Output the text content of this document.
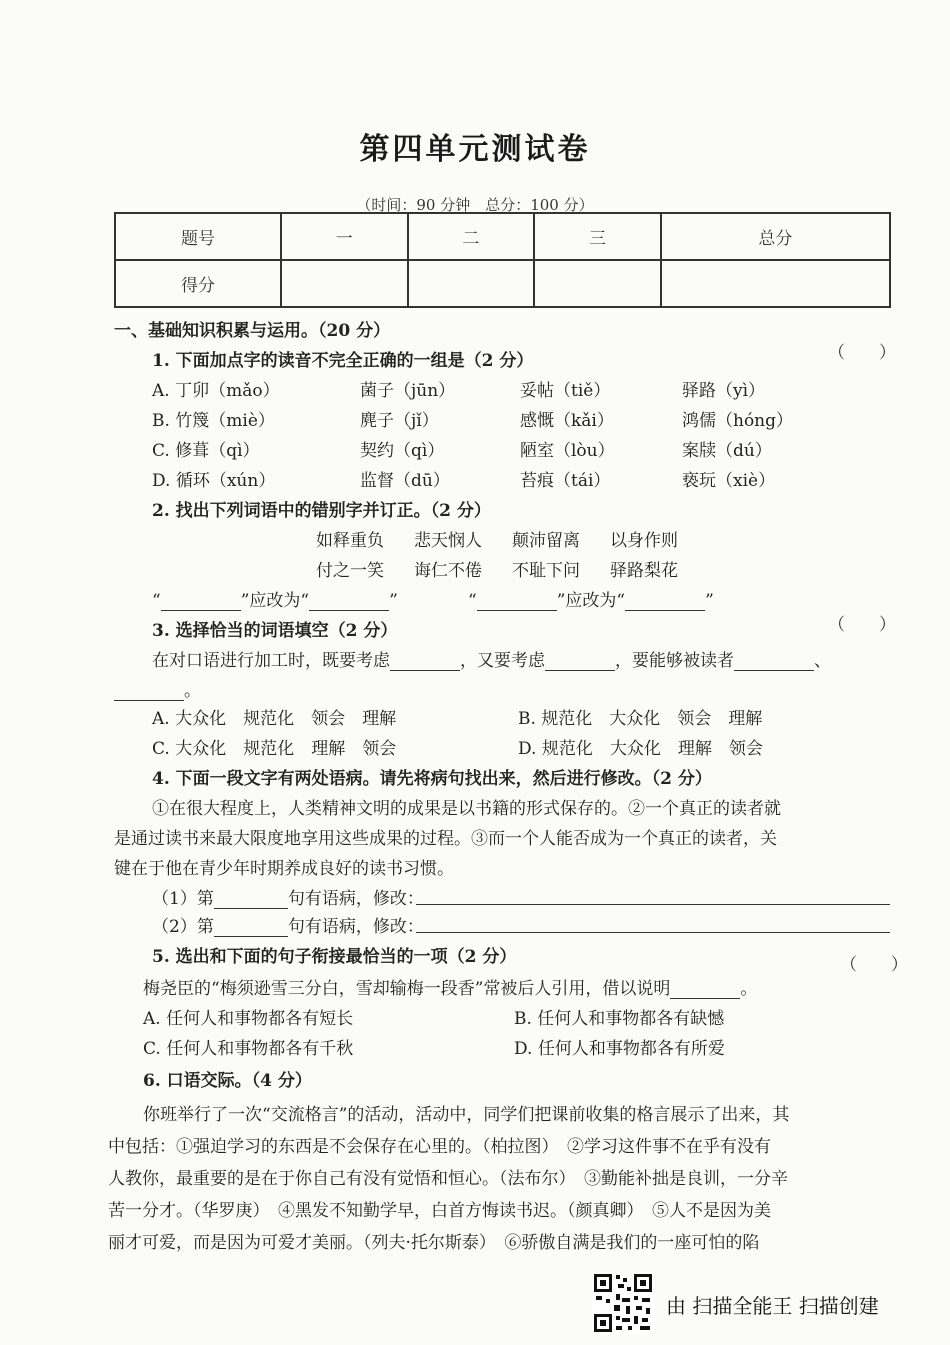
第四单元测试卷
（时间：90 分钟　总分：100 分）
题号	一	二	三	总分
得分				
一、基础知识积累与运用。（20 分）
1. 下面加点字的读音不完全正确的一组是（2 分）	（　　）
A. 丁卯（mǎo）	菌子（jūn）	妥帖（tiě）	驿路（yì）
B. 竹篾（miè）	麂子（jǐ）	感慨（kǎi）	鸿儒（hóng）
C. 修葺（qì）	契约（qì）	陋室（lòu）	案牍（dú）
D. 循环（xún）	监督（dū）	苔痕（tái）	亵玩（xiè）
2. 找出下列词语中的错别字并订正。（2 分）
如释重负 悲天悯人 颠沛留离 以身作则
付之一笑 诲仁不倦 不耻下问 驿路梨花
“	”应改为“	”	“	”应改为“	”
3. 选择恰当的词语填空（2 分）	（　　）
在对口语进行加工时，既要考虑	，又要考虑	，要能够被读者	、
。
A. 大众化　规范化　领会　理解	B. 规范化　大众化　领会　理解
C. 大众化　规范化　理解　领会	D. 规范化　大众化　理解　领会
4. 下面一段文字有两处语病。请先将病句找出来，然后进行修改。（2 分）
①在很大程度上，人类精神文明的成果是以书籍的形式保存的。②一个真正的读者就
是通过读书来最大限度地享用这些成果的过程。③而一个人能否成为一个真正的读者，关
键在于他在青少年时期养成良好的读书习惯。
（1）第	句有语病，修改：
（2）第	句有语病，修改：
5. 选出和下面的句子衔接最恰当的一项（2 分）	（　　）
梅尧臣的“梅须逊雪三分白，雪却输梅一段香”常被后人引用，借以说明	。
A. 任何人和事物都各有短长	B. 任何人和事物都各有缺憾
C. 任何人和事物都各有千秋	D. 任何人和事物都各有所爱
6. 口语交际。（4 分）
你班举行了一次“交流格言”的活动，活动中，同学们把课前收集的格言展示了出来，其
中包括：①强迫学习的东西是不会保存在心里的。（柏拉图）　②学习这件事不在乎有没有
人教你，最重要的是在于你自己有没有觉悟和恒心。（法布尔）　③勤能补拙是良训，一分辛
苦一分才。（华罗庚）　④黑发不知勤学早，白首方悔读书迟。（颜真卿）　⑤人不是因为美
丽才可爱，而是因为可爱才美丽。（列夫·托尔斯泰）　⑥骄傲自满是我们的一座可怕的陷
由 扫描全能王 扫描创建
